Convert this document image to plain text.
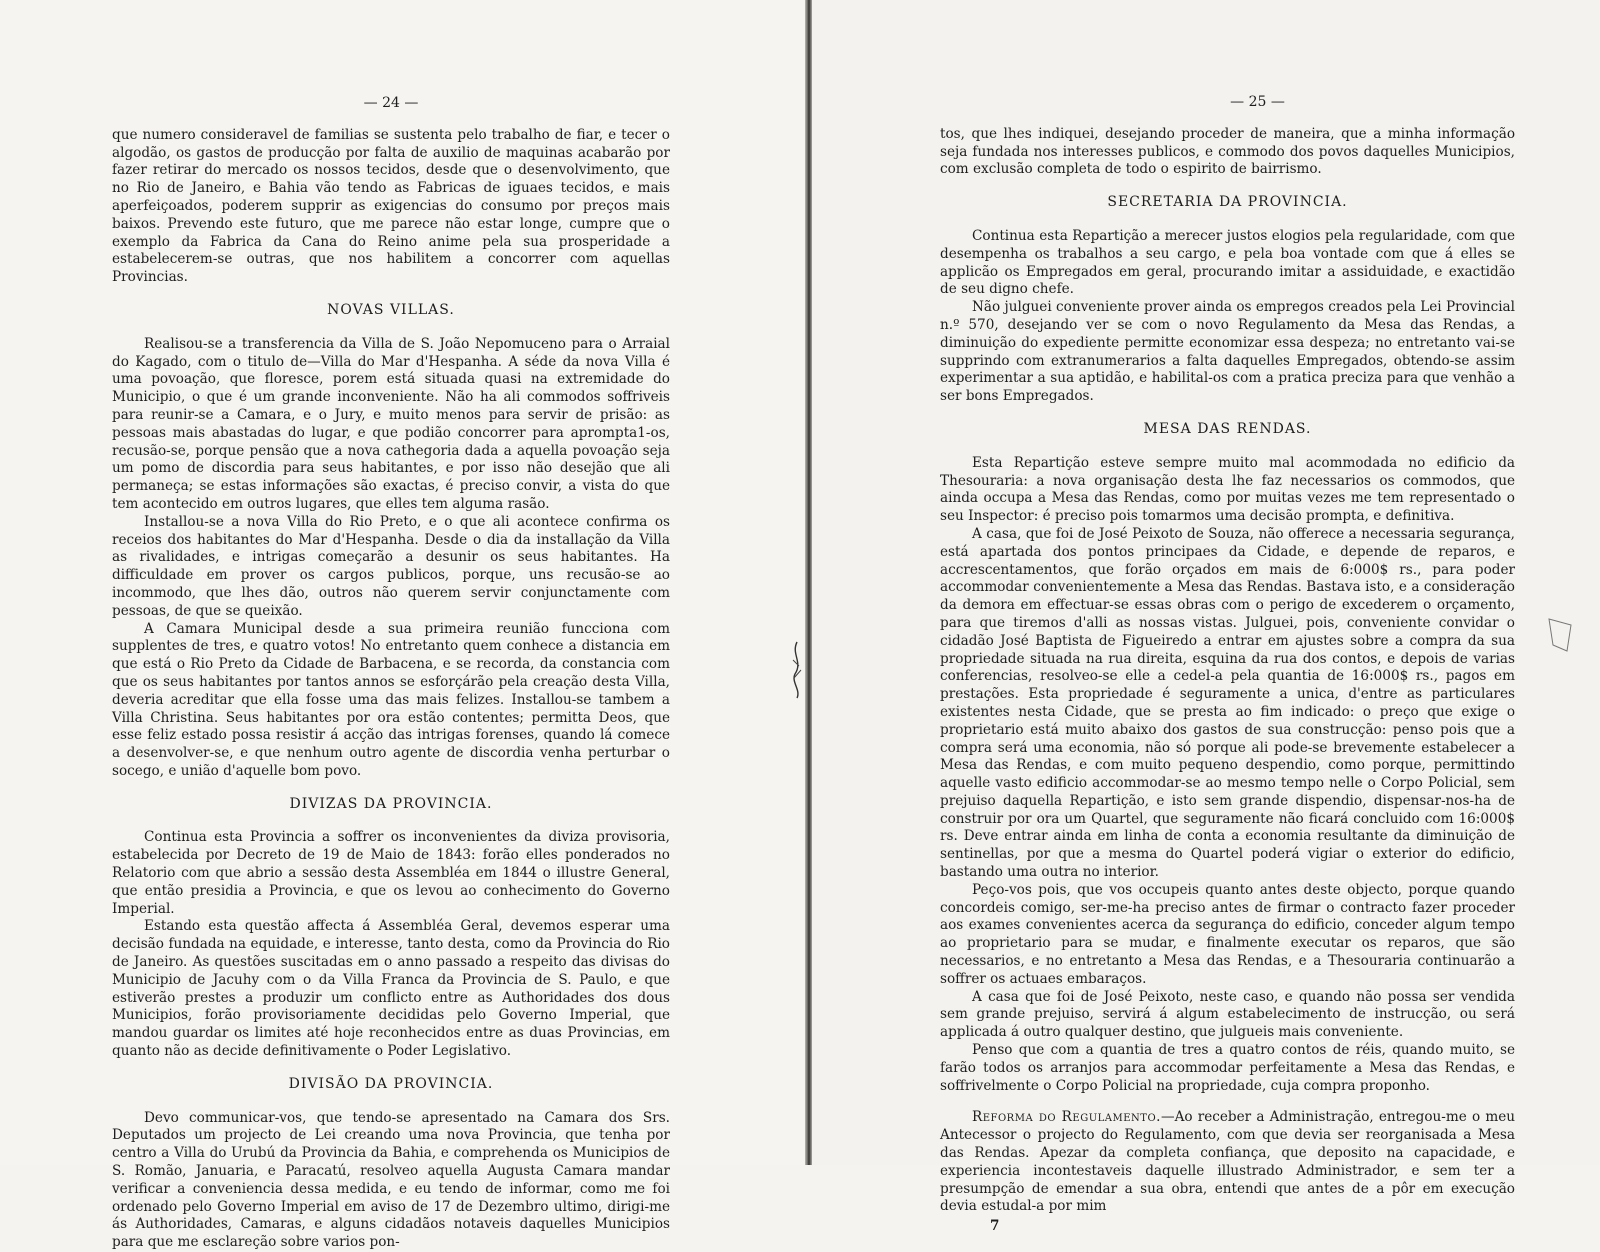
— 24 —

que numero consideravel de familias se sustenta pelo trabalho de fiar, e tecer o algodão, os gastos de producção por falta de auxilio de maquinas acabarão por fazer retirar do mercado os nossos tecidos, desde que o desenvolvimento, que no Rio de Janeiro, e Bahia vão tendo as Fabricas de iguaes tecidos, e mais aperfeiçoados, poderem supprir as exigencias do consumo por preços mais baixos. Prevendo este futuro, que me parece não estar longe, cumpre que o exemplo da Fabrica da Cana do Reino anime pela sua prosperidade a estabelecerem-se outras, que nos habilitem a concorrer com aquellas Provincias.

NOVAS VILLAS.

Realisou-se a transferencia da Villa de S. João Nepomuceno para o Arraial do Kagado, com o titulo de—Villa do Mar d'Hespanha. A séde da nova Villa é uma povoação, que floresce, porem está situada quasi na extremidade do Municipio, o que é um grande inconveniente. Não ha ali commodos soffriveis para reunir-se a Camara, e o Jury, e muito menos para servir de prisão: as pessoas mais abastadas do lugar, e que podião concorrer para aprompta1-os, recusão-se, porque pensão que a nova cathegoria dada a aquella povoação seja um pomo de discordia para seus habitantes, e por isso não desejão que ali permaneça; se estas informações são exactas, é preciso convir, a vista do que tem acontecido em outros lugares, que elles tem alguma rasão.

Installou-se a nova Villa do Rio Preto, e o que ali acontece confirma os receios dos habitantes do Mar d'Hespanha. Desde o dia da installação da Villa as rivalidades, e intrigas começarão a desunir os seus habitantes. Ha difficuldade em prover os cargos publicos, porque, uns recusão-se ao incommodo, que lhes dão, outros não querem servir conjunctamente com pessoas, de que se queixão.

A Camara Municipal desde a sua primeira reunião funcciona com supplentes de tres, e quatro votos! No entretanto quem conhece a distancia em que está o Rio Preto da Cidade de Barbacena, e se recorda, da constancia com que os seus habitantes por tantos annos se esforçárão pela creação desta Villa, deveria acreditar que ella fosse uma das mais felizes. Installou-se tambem a Villa Christina. Seus habitantes por ora estão contentes; permitta Deos, que esse feliz estado possa resistir á acção das intrigas forenses, quando lá comece a desenvolver-se, e que nenhum outro agente de discordia venha perturbar o socego, e união d'aquelle bom povo.

DIVIZAS DA PROVINCIA.

Continua esta Provincia a soffrer os inconvenientes da diviza provisoria, estabelecida por Decreto de 19 de Maio de 1843: forão elles ponderados no Relatorio com que abrio a sessão desta Assembléa em 1844 o illustre General, que então presidia a Provincia, e que os levou ao conhecimento do Governo Imperial.

Estando esta questão affecta á Assembléa Geral, devemos esperar uma decisão fundada na equidade, e interesse, tanto desta, como da Provincia do Rio de Janeiro. As questões suscitadas em o anno passado a respeito das divisas do Municipio de Jacuhy com o da Villa Franca da Provincia de S. Paulo, e que estiverão prestes a produzir um conflicto entre as Authoridades dos dous Municipios, forão provisoriamente decididas pelo Governo Imperial, que mandou guardar os limites até hoje reconhecidos entre as duas Provincias, em quanto não as decide definitivamente o Poder Legislativo.

DIVISÃO DA PROVINCIA.

Devo communicar-vos, que tendo-se apresentado na Camara dos Srs. Deputados um projecto de Lei creando uma nova Provincia, que tenha por centro a Villa do Urubú da Provincia da Bahia, e comprehenda os Municipios de S. Romão, Januaria, e Paracatú, resolveo aquella Augusta Camara mandar verificar a conveniencia dessa medida, e eu tendo de informar, como me foi ordenado pelo Governo Imperial em aviso de 17 de Dezembro ultimo, dirigi-me ás Authoridades, Camaras, e alguns cidadãos notaveis daquelles Municipios para que me esclareção sobre varios pon-

— 25 —

tos, que lhes indiquei, desejando proceder de maneira, que a minha informação seja fundada nos interesses publicos, e commodo dos povos daquelles Municipios, com exclusão completa de todo o espirito de bairrismo.

SECRETARIA DA PROVINCIA.

Continua esta Repartição a merecer justos elogios pela regularidade, com que desempenha os trabalhos a seu cargo, e pela boa vontade com que á elles se applicão os Empregados em geral, procurando imitar a assiduidade, e exactidão de seu digno chefe.

Não julguei conveniente prover ainda os empregos creados pela Lei Provincial n.º 570, desejando ver se com o novo Regulamento da Mesa das Rendas, a diminuição do expediente permitte economizar essa despeza; no entretanto vai-se supprindo com extranumerarios a falta daquelles Empregados, obtendo-se assim experimentar a sua aptidão, e habilital-os com a pratica preciza para que venhão a ser bons Empregados.

MESA DAS RENDAS.

Esta Repartição esteve sempre muito mal acommodada no edificio da Thesouraria: a nova organisação desta lhe faz necessarios os commodos, que ainda occupa a Mesa das Rendas, como por muitas vezes me tem representado o seu Inspector: é preciso pois tomarmos uma decisão prompta, e definitiva.

A casa, que foi de José Peixoto de Souza, não offerece a necessaria segurança, está apartada dos pontos principaes da Cidade, e depende de reparos, e accrescentamentos, que forão orçados em mais de 6:000$ rs., para poder accommodar convenientemente a Mesa das Rendas. Bastava isto, e a consideração da demora em effectuar-se essas obras com o perigo de excederem o orçamento, para que tiremos d'alli as nossas vistas. Julguei, pois, conveniente convidar o cidadão José Baptista de Figueiredo a entrar em ajustes sobre a compra da sua propriedade situada na rua direita, esquina da rua dos contos, e depois de varias conferencias, resolveo-se elle a cedel-a pela quantia de 16:000$ rs., pagos em prestações. Esta propriedade é seguramente a unica, d'entre as particulares existentes nesta Cidade, que se presta ao fim indicado: o preço que exige o proprietario está muito abaixo dos gastos de sua construcção: penso pois que a compra será uma economia, não só porque ali pode-se brevemente estabelecer a Mesa das Rendas, e com muito pequeno despendio, como porque, permittindo aquelle vasto edificio accommodar-se ao mesmo tempo nelle o Corpo Policial, sem prejuiso daquella Repartição, e isto sem grande dispendio, dispensar-nos-ha de construir por ora um Quartel, que seguramente não ficará concluido com 16:000$ rs. Deve entrar ainda em linha de conta a economia resultante da diminuição de sentinellas, por que a mesma do Quartel poderá vigiar o exterior do edificio, bastando uma outra no interior.

Peço-vos pois, que vos occupeis quanto antes deste objecto, porque quando concordeis comigo, ser-me-ha preciso antes de firmar o contracto fazer proceder aos exames convenientes acerca da segurança do edificio, conceder algum tempo ao proprietario para se mudar, e finalmente executar os reparos, que são necessarios, e no entretanto a Mesa das Rendas, e a Thesouraria continuarão a soffrer os actuaes embaraços.

A casa que foi de José Peixoto, neste caso, e quando não possa ser vendida sem grande prejuiso, servirá á algum estabelecimento de instrucção, ou será applicada á outro qualquer destino, que julgueis mais conveniente.

Penso que com a quantia de tres a quatro contos de réis, quando muito, se farão todos os arranjos para accommodar perfeitamente a Mesa das Rendas, e soffrivelmente o Corpo Policial na propriedade, cuja compra proponho.

Reforma do Regulamento.—Ao receber a Administração, entregou-me o meu Antecessor o projecto do Regulamento, com que devia ser reorganisada a Mesa das Rendas. Apezar da completa confiança, que deposito na capacidade, e experiencia incontestaveis daquelle illustrado Administrador, e sem ter a presumpção de emendar a sua obra, entendi que antes de a pôr em execução devia estudal-a por mim

7
